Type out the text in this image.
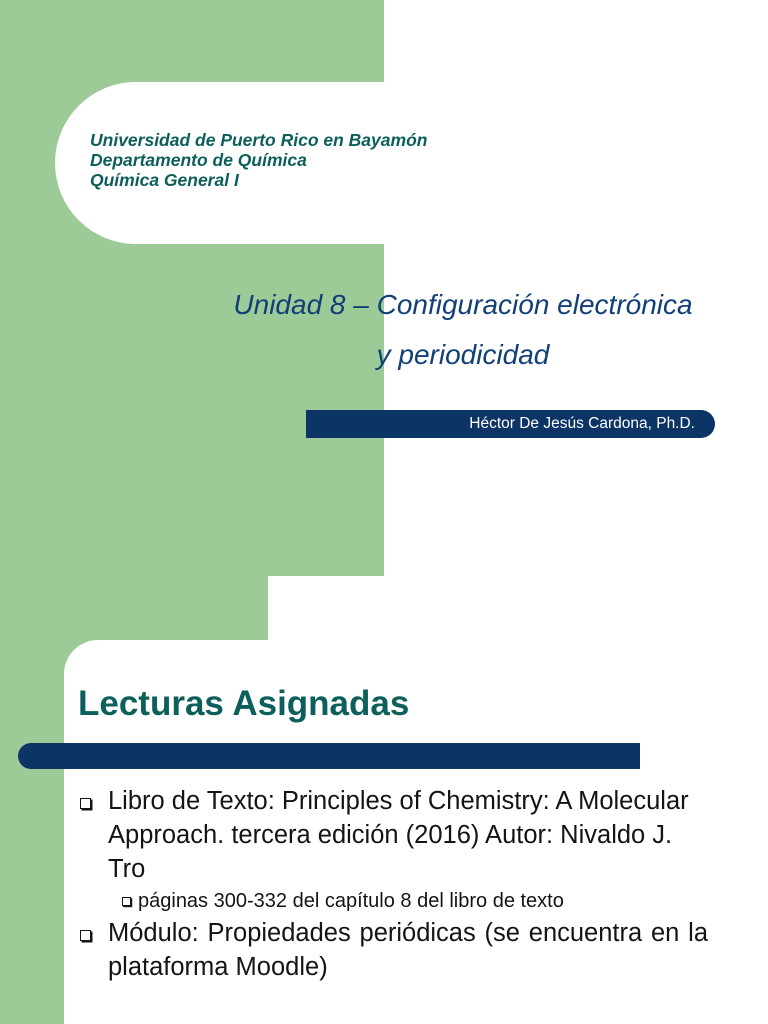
Universidad de Puerto Rico en Bayamón
Departamento de Química
Química General I
Unidad 8 – Configuración electrónica
y periodicidad
Héctor De Jesús Cardona, Ph.D.
Lecturas Asignadas
Libro de Texto: Principles of Chemistry: A Molecular Approach. tercera edición (2016) Autor: Nivaldo J. Tro
páginas 300-332 del capítulo 8 del libro de texto
Módulo: Propiedades periódicas (se encuentra en la plataforma Moodle)
